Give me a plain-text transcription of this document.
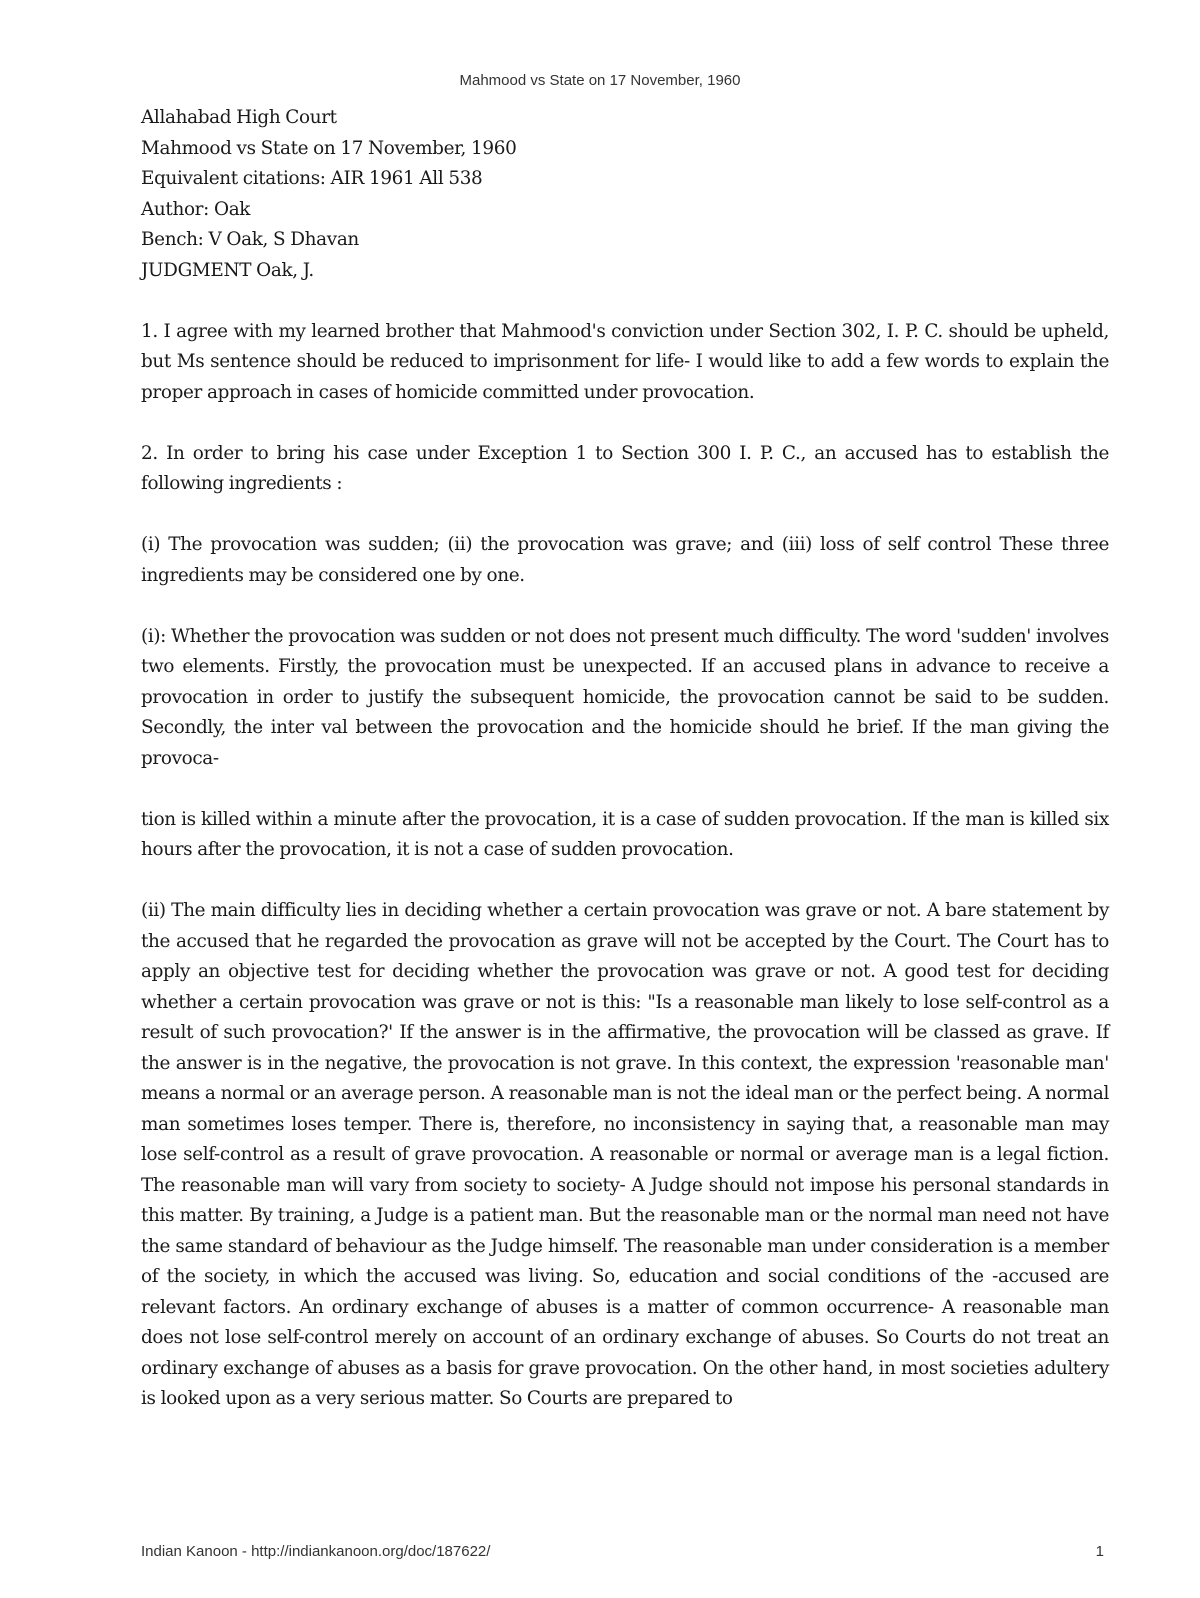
Mahmood vs State on 17 November, 1960
Allahabad High Court
Mahmood vs State on 17 November, 1960
Equivalent citations: AIR 1961 All 538
Author: Oak
Bench: V Oak, S Dhavan
JUDGMENT Oak, J.

1. I agree with my learned brother that Mahmood's conviction under Section 302, I. P. C. should be upheld, but Ms sentence should be reduced to imprisonment for life- I would like to add a few words to explain the proper approach in cases of homicide committed under provocation.

2. In order to bring his case under Exception 1 to Section 300 I. P. C., an accused has to establish the following ingredients :

(i) The provocation was sudden; (ii) the provocation was grave; and (iii) loss of self control These three ingredients may be considered one by one.

(i): Whether the provocation was sudden or not does not present much difficulty. The word 'sudden' involves two elements. Firstly, the provocation must be unexpected. If an accused plans in advance to receive a provocation in order to justify the subsequent homicide, the provocation cannot be said to be sudden. Secondly, the inter val between the provocation and the homicide should he brief. If the man giving the provoca-

tion is killed within a minute after the provocation, it is a case of sudden provocation. If the man is killed six hours after the provocation, it is not a case of sudden provocation.

(ii) The main difficulty lies in deciding whether a certain provocation was grave or not. A bare statement by the accused that he regarded the provocation as grave will not be accepted by the Court. The Court has to apply an objective test for deciding whether the provocation was grave or not. A good test for deciding whether a certain provocation was grave or not is this: "Is a reasonable man likely to lose self-control as a result of such provocation?' If the answer is in the affirmative, the provocation will be classed as grave. If the answer is in the negative, the provocation is not grave. In this context, the expression 'reasonable man' means a normal or an average person. A reasonable man is not the ideal man or the perfect being. A normal man sometimes loses temper. There is, therefore, no inconsistency in saying that, a reasonable man may lose self-control as a result of grave provocation. A reasonable or normal or average man is a legal fiction. The reasonable man will vary from society to society- A Judge should not impose his personal standards in this matter. By training, a Judge is a patient man. But the reasonable man or the normal man need not have the same standard of behaviour as the Judge himself. The reasonable man under consideration is a member of the society, in which the accused was living. So, education and social conditions of the -accused are relevant factors. An ordinary exchange of abuses is a matter of common occurrence- A reasonable man does not lose self-control merely on account of an ordinary exchange of abuses. So Courts do not treat an ordinary exchange of abuses as a basis for grave provocation. On the other hand, in most societies adultery is looked upon as a very serious matter. So Courts are prepared to

Indian Kanoon - http://indiankanoon.org/doc/187622/	1
